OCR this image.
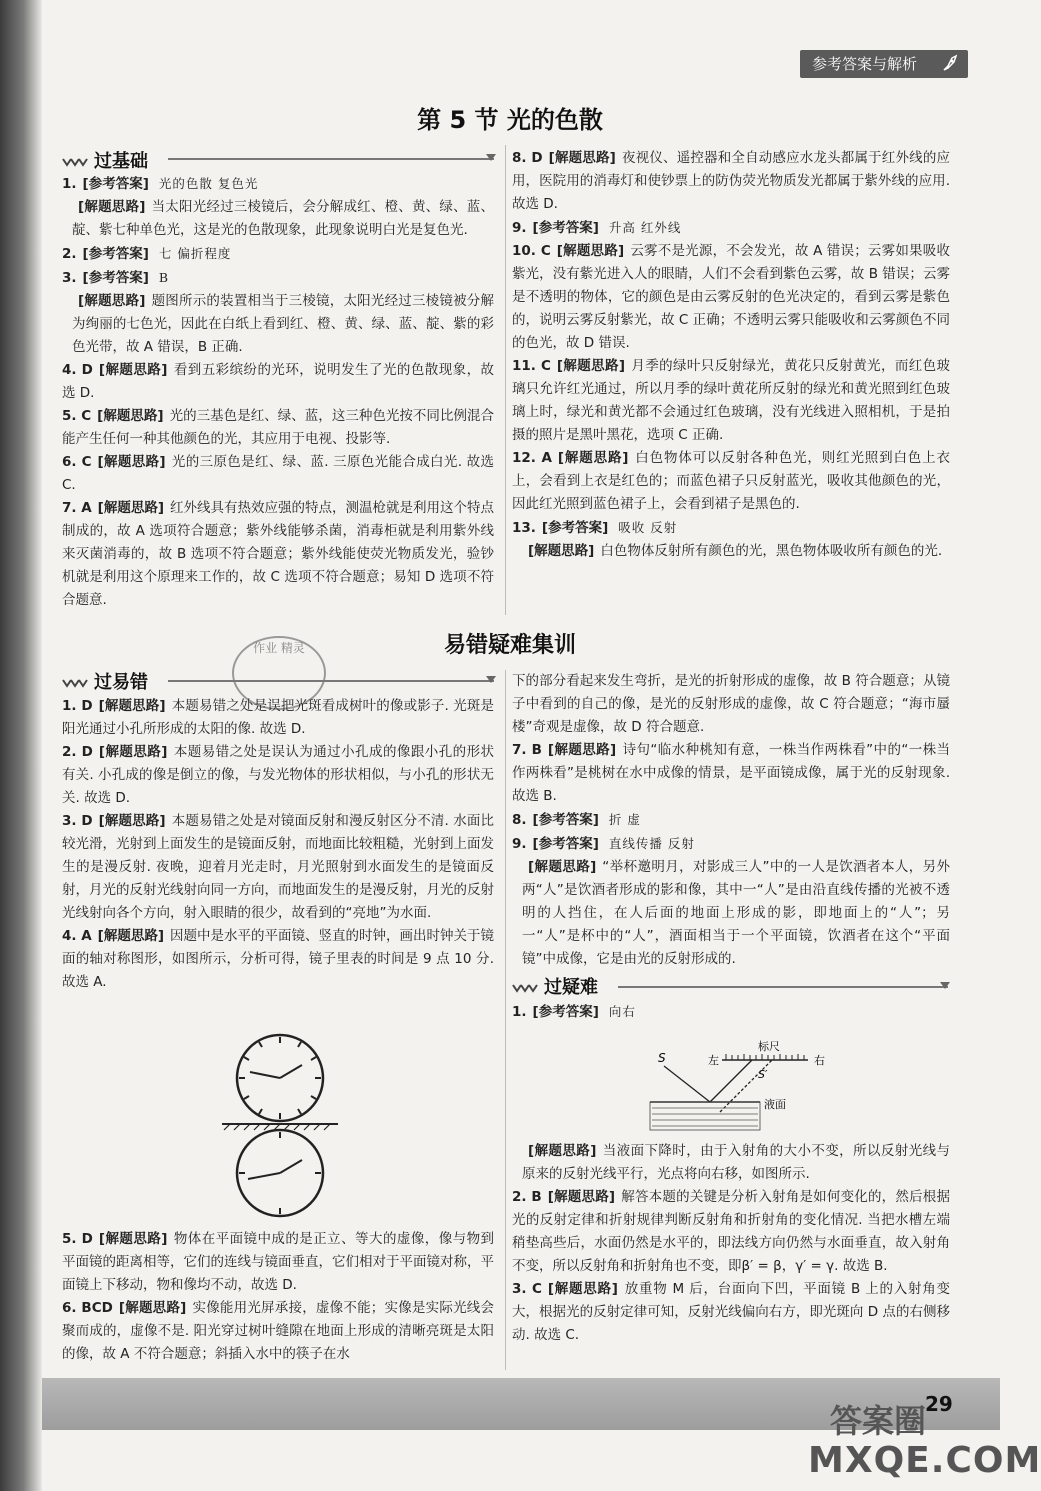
参考答案与解析
第 5 节 光的色散
过基础
1. [参考答案] 光的色散 复色光
[解题思路] 当太阳光经过三棱镜后，会分解成红、橙、黄、绿、蓝、靛、紫七种单色光，这是光的色散现象，此现象说明白光是复色光.
2. [参考答案] 七 偏折程度
3. [参考答案] B
[解题思路] 题图所示的装置相当于三棱镜，太阳光经过三棱镜被分解为绚丽的七色光，因此在白纸上看到红、橙、黄、绿、蓝、靛、紫的彩色光带，故 A 错误，B 正确.
4. D [解题思路] 看到五彩缤纷的光环，说明发生了光的色散现象，故选 D.
5. C [解题思路] 光的三基色是红、绿、蓝，这三种色光按不同比例混合能产生任何一种其他颜色的光，其应用于电视、投影等.
6. C [解题思路] 光的三原色是红、绿、蓝. 三原色光能合成白光. 故选 C.
7. A [解题思路] 红外线具有热效应强的特点，测温枪就是利用这个特点制成的，故 A 选项符合题意；紫外线能够杀菌，消毒柜就是利用紫外线来灭菌消毒的，故 B 选项不符合题意；紫外线能使荧光物质发光，验钞机就是利用这个原理来工作的，故 C 选项不符合题意；易知 D 选项不符合题意.
8. D [解题思路] 夜视仪、遥控器和全自动感应水龙头都属于红外线的应用，医院用的消毒灯和使钞票上的防伪荧光物质发光都属于紫外线的应用. 故选 D.
9. [参考答案] 升高 红外线
10. C [解题思路] 云雾不是光源，不会发光，故 A 错误；云雾如果吸收紫光，没有紫光进入人的眼睛，人们不会看到紫色云雾，故 B 错误；云雾是不透明的物体，它的颜色是由云雾反射的色光决定的，看到云雾是紫色的，说明云雾反射紫光，故 C 正确；不透明云雾只能吸收和云雾颜色不同的色光，故 D 错误.
11. C [解题思路] 月季的绿叶只反射绿光，黄花只反射黄光，而红色玻璃只允许红光通过，所以月季的绿叶黄花所反射的绿光和黄光照到红色玻璃上时，绿光和黄光都不会通过红色玻璃，没有光线进入照相机，于是拍摄的照片是黑叶黑花，选项 C 正确.
12. A [解题思路] 白色物体可以反射各种色光，则红光照到白色上衣上，会看到上衣是红色的；而蓝色裙子只反射蓝光，吸收其他颜色的光，因此红光照到蓝色裙子上，会看到裙子是黑色的.
13. [参考答案] 吸收 反射
[解题思路] 白色物体反射所有颜色的光，黑色物体吸收所有颜色的光.
易错疑难集训
作业 精灵
过易错
1. D [解题思路] 本题易错之处是误把光斑看成树叶的像或影子. 光斑是阳光通过小孔所形成的太阳的像. 故选 D.
2. D [解题思路] 本题易错之处是误认为通过小孔成的像跟小孔的形状有关. 小孔成的像是倒立的像，与发光物体的形状相似，与小孔的形状无关. 故选 D.
3. D [解题思路] 本题易错之处是对镜面反射和漫反射区分不清. 水面比较光滑，光射到上面发生的是镜面反射，而地面比较粗糙，光射到上面发生的是漫反射. 夜晚，迎着月光走时，月光照射到水面发生的是镜面反射，月光的反射光线射向同一方向，而地面发生的是漫反射，月光的反射光线射向各个方向，射入眼睛的很少，故看到的“亮地”为水面.
4. A [解题思路] 因题中是水平的平面镜、竖直的时钟，画出时钟关于镜面的轴对称图形，如图所示，分析可得，镜子里表的时间是 9 点 10 分. 故选 A.
5. D [解题思路] 物体在平面镜中成的是正立、等大的虚像，像与物到平面镜的距离相等，它们的连线与镜面垂直，它们相对于平面镜对称，平面镜上下移动，物和像均不动，故选 D.
6. BCD [解题思路] 实像能用光屏承接，虚像不能；实像是实际光线会聚而成的，虚像不是. 阳光穿过树叶缝隙在地面上形成的清晰亮斑是太阳的像，故 A 不符合题意；斜插入水中的筷子在水
下的部分看起来发生弯折，是光的折射形成的虚像，故 B 符合题意；从镜子中看到的自己的像，是光的反射形成的虚像，故 C 符合题意；“海市蜃楼”奇观是虚像，故 D 符合题意.
7. B [解题思路] 诗句“临水种桃知有意，一株当作两株看”中的“一株当作两株看”是桃树在水中成像的情景，是平面镜成像，属于光的反射现象. 故选 B.
8. [参考答案] 折 虚
9. [参考答案] 直线传播 反射
[解题思路] “举杯邀明月，对影成三人”中的一人是饮酒者本人，另外两“人”是饮酒者形成的影和像，其中一“人”是由沿直线传播的光被不透明的人挡住，在人后面的地面上形成的影，即地面上的“人”；另一“人”是杯中的“人”，酒面相当于一个平面镜，饮酒者在这个“平面镜”中成像，它是由光的反射形成的.
过疑难
1. [参考答案] 向右
S	左
标尺
右
S′
液面
[解题思路] 当液面下降时，由于入射角的大小不变，所以反射光线与原来的反射光线平行，光点将向右移，如图所示.
2. B [解题思路] 解答本题的关键是分析入射角是如何变化的，然后根据光的反射定律和折射规律判断反射角和折射角的变化情况. 当把水槽左端稍垫高些后，水面仍然是水平的，即法线方向仍然与水面垂直，故入射角不变，所以反射角和折射角也不变，即β′ = β，γ′ = γ. 故选 B.
3. C [解题思路] 放重物 M 后，台面向下凹，平面镜 B 上的入射角变大，根据光的反射定律可知，反射光线偏向右方，即光斑向 D 点的右侧移动. 故选 C.
29
答案圈
MXQE.COM
